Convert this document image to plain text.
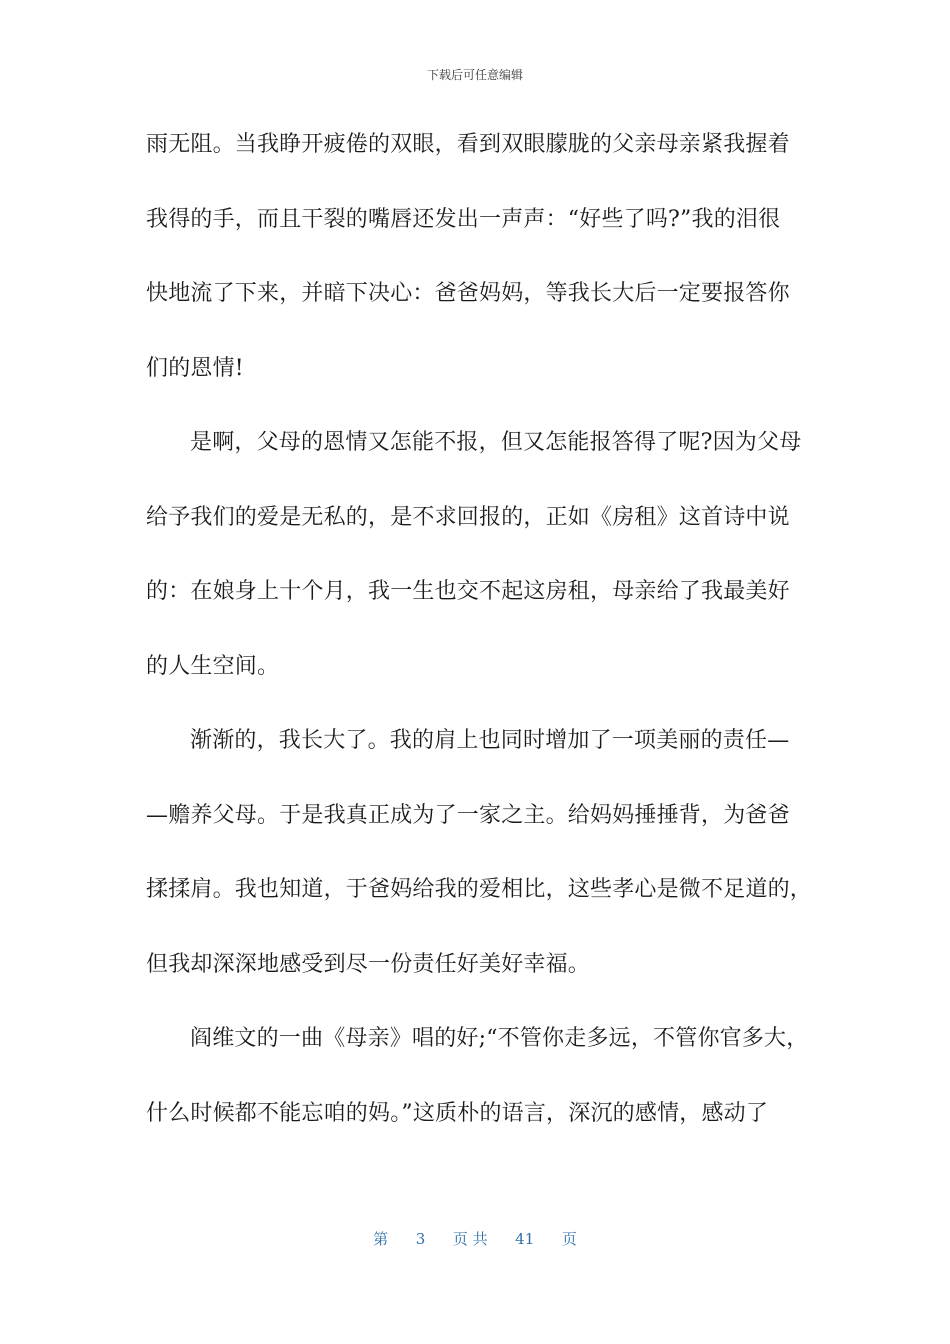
下载后可任意编辑
雨无阻。当我睁开疲倦的双眼，看到双眼朦胧的父亲母亲紧我握着
我得的手，而且干裂的嘴唇还发出一声声：“好些了吗?”我的泪很
快地流了下来，并暗下决心：爸爸妈妈，等我长大后一定要报答你
们的恩情!
是啊，父母的恩情又怎能不报，但又怎能报答得了呢?因为父母
给予我们的爱是无私的，是不求回报的，正如《房租》这首诗中说
的：在娘身上十个月，我一生也交不起这房租，母亲给了我最美好
的人生空间。
渐渐的，我长大了。我的肩上也同时增加了一项美丽的责任—
—赡养父母。于是我真正成为了一家之主。给妈妈捶捶背，为爸爸
揉揉肩。我也知道，于爸妈给我的爱相比，这些孝心是微不足道的，
但我却深深地感受到尽一份责任好美好幸福。
阎维文的一曲《母亲》唱的好;“不管你走多远，不管你官多大，
什么时候都不能忘咱的妈。”这质朴的语言，深沉的感情，感动了
第 3 页 共 41 页
